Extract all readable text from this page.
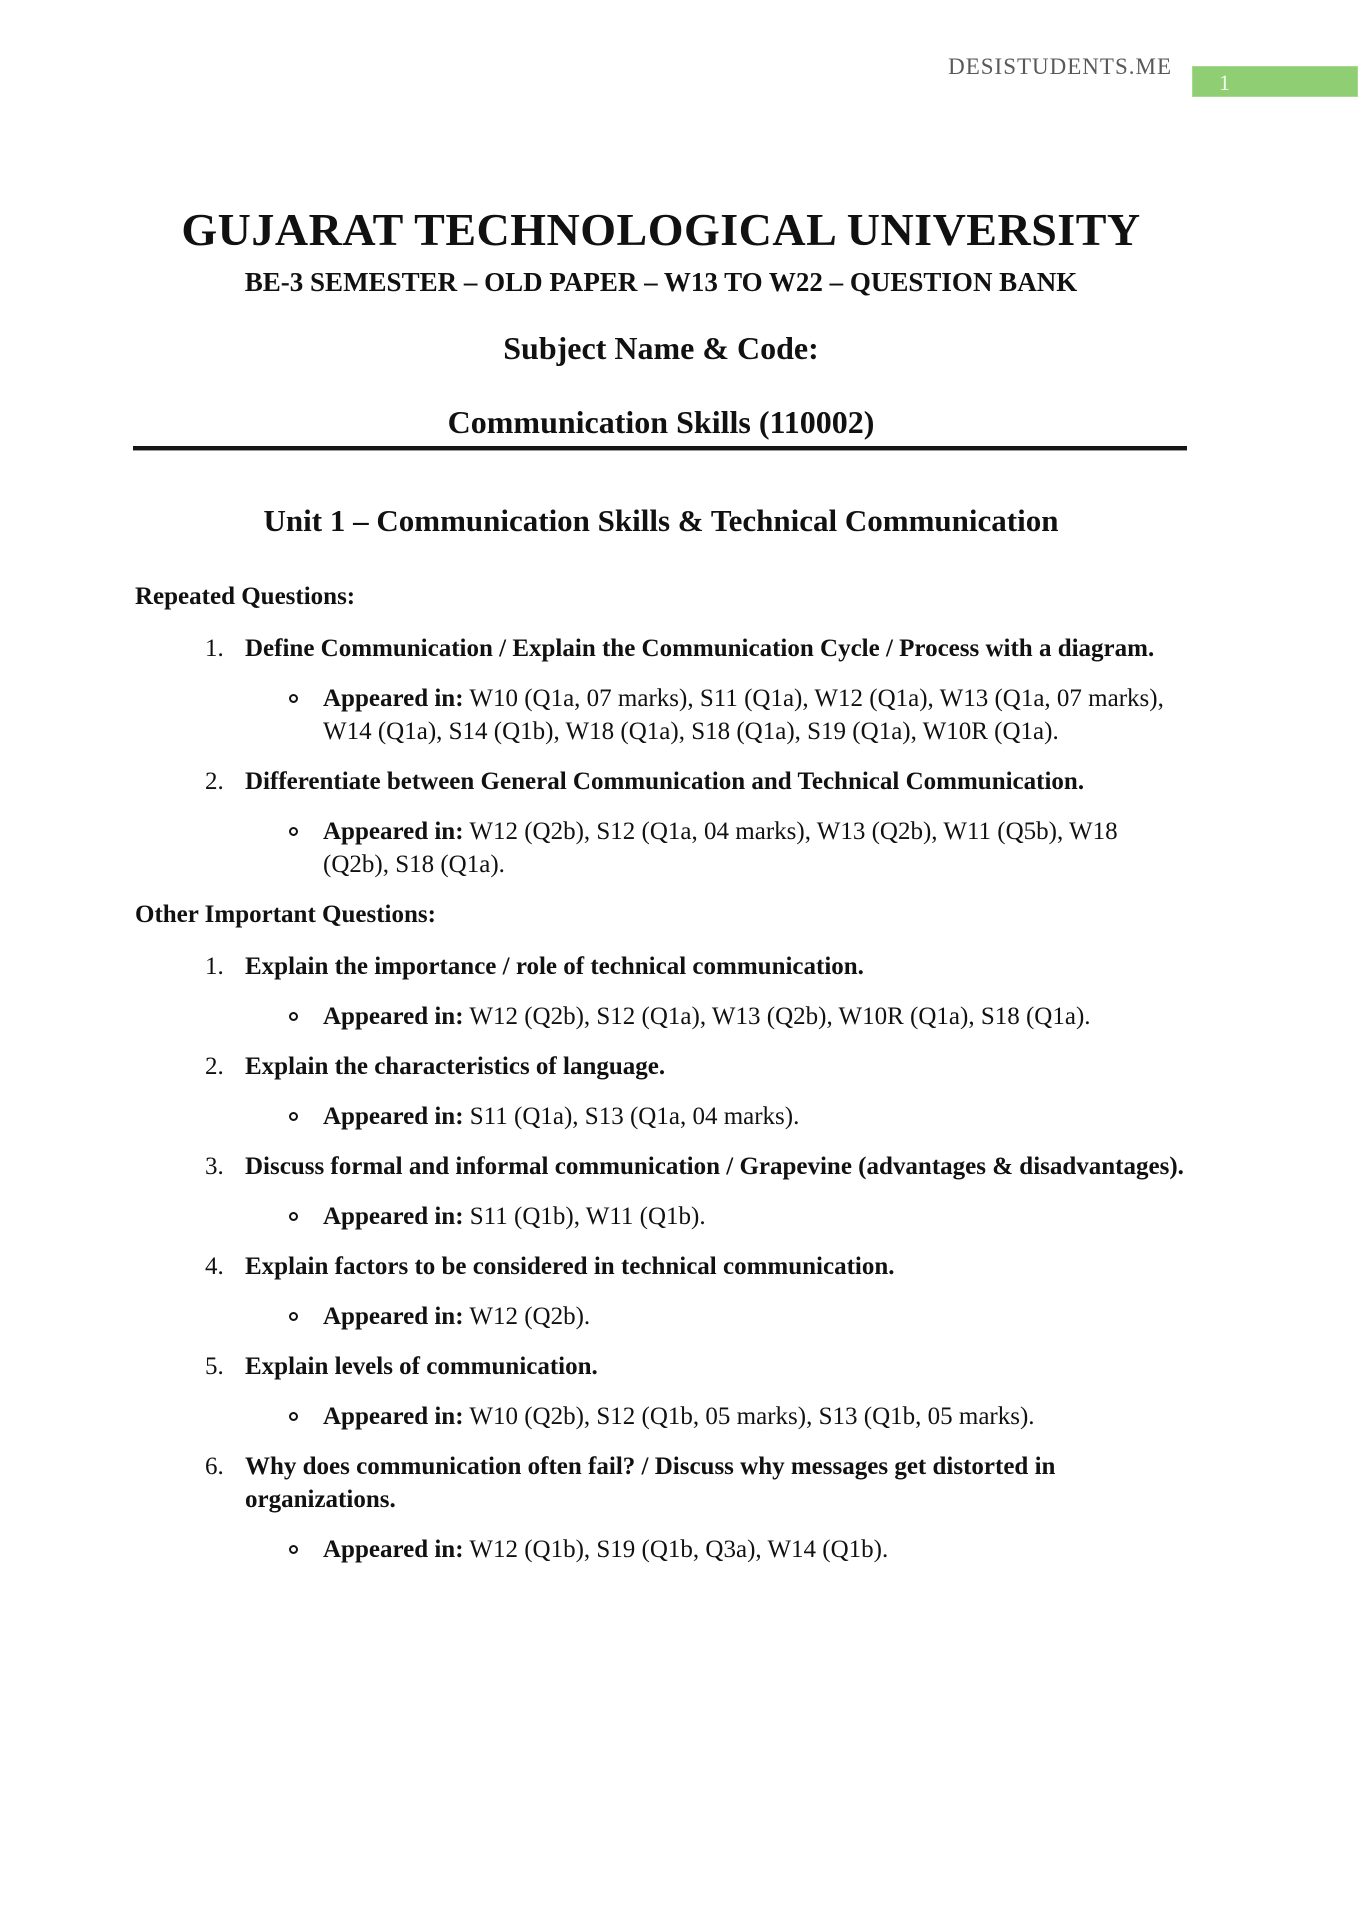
DESISTUDENTS.ME
1
GUJARAT TECHNOLOGICAL UNIVERSITY
BE-3 SEMESTER – OLD PAPER – W13 TO W22 – QUESTION BANK
Subject Name & Code:
Communication Skills (110002)
Unit 1 – Communication Skills & Technical Communication
Repeated Questions:
1. Define Communication / Explain the Communication Cycle / Process with a diagram.

Appeared in: W10 (Q1a, 07 marks), S11 (Q1a), W12 (Q1a), W13 (Q1a, 07 marks), W14 (Q1a), S14 (Q1b), W18 (Q1a), S18 (Q1a), S19 (Q1a), W10R (Q1a).

2. Differentiate between General Communication and Technical Communication.

Appeared in: W12 (Q2b), S12 (Q1a, 04 marks), W13 (Q2b), W11 (Q5b), W18 (Q2b), S18 (Q1a).

Other Important Questions:
1. Explain the importance / role of technical communication.

Appeared in: W12 (Q2b), S12 (Q1a), W13 (Q2b), W10R (Q1a), S18 (Q1a).

2. Explain the characteristics of language.

Appeared in: S11 (Q1a), S13 (Q1a, 04 marks).

3. Discuss formal and informal communication / Grapevine (advantages & disadvantages).

Appeared in: S11 (Q1b), W11 (Q1b).

4. Explain factors to be considered in technical communication.

Appeared in: W12 (Q2b).

5. Explain levels of communication.

Appeared in: W10 (Q2b), S12 (Q1b, 05 marks), S13 (Q1b, 05 marks).

6. Why does communication often fail? / Discuss why messages get distorted in organizations.

Appeared in: W12 (Q1b), S19 (Q1b, Q3a), W14 (Q1b).
